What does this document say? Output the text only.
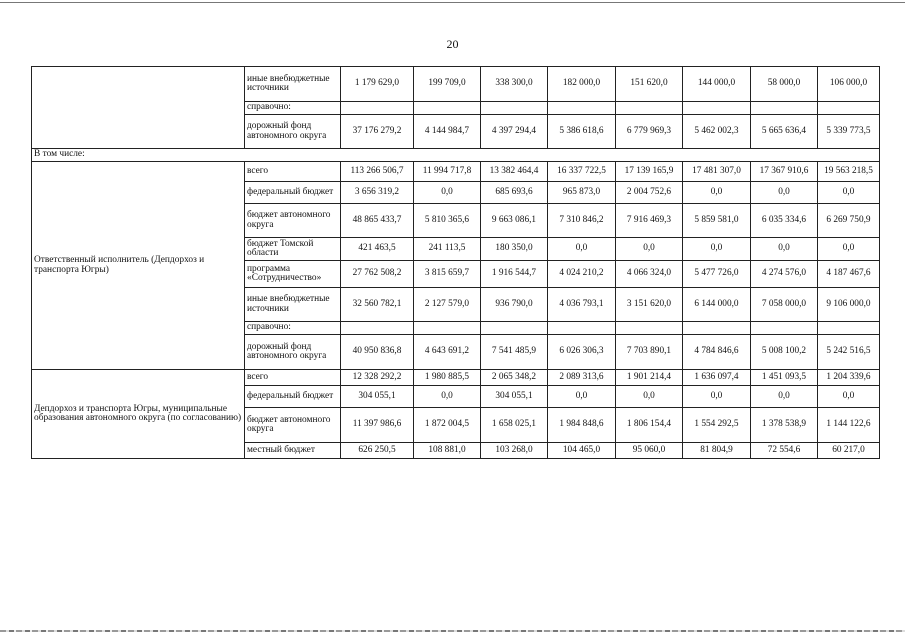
20
	иные внебюджетные источники	1 179 629,0	199 709,0	338 300,0	182 000,0	151 620,0	144 000,0	58 000,0	106 000,0
	справочно:								
	дорожный фонд автономного округа	37 176 279,2	4 144 984,7	4 397 294,4	5 386 618,6	6 779 969,3	5 462 002,3	5 665 636,4	5 339 773,5
В том числе:									
Ответственный исполнитель (Депдорхоз и транспорта Югры)	всего	113 266 506,7	11 994 717,8	13 382 464,4	16 337 722,5	17 139 165,9	17 481 307,0	17 367 910,6	19 563 218,5
	федеральный бюджет	3 656 319,2	0,0	685 693,6	965 873,0	2 004 752,6	0,0	0,0	0,0
	бюджет автономного округа	48 865 433,7	5 810 365,6	9 663 086,1	7 310 846,2	7 916 469,3	5 859 581,0	6 035 334,6	6 269 750,9
	бюджет Томской области	421 463,5	241 113,5	180 350,0	0,0	0,0	0,0	0,0	0,0
	программа «Сотрудничество»	27 762 508,2	3 815 659,7	1 916 544,7	4 024 210,2	4 066 324,0	5 477 726,0	4 274 576,0	4 187 467,6
	иные внебюджетные источники	32 560 782,1	2 127 579,0	936 790,0	4 036 793,1	3 151 620,0	6 144 000,0	7 058 000,0	9 106 000,0
	справочно:								
	дорожный фонд автономного округа	40 950 836,8	4 643 691,2	7 541 485,9	6 026 306,3	7 703 890,1	4 784 846,6	5 008 100,2	5 242 516,5
Депдорхоз и транспорта Югры, муниципальные образования автономного округа (по согласованию)	всего	12 328 292,2	1 980 885,5	2 065 348,2	2 089 313,6	1 901 214,4	1 636 097,4	1 451 093,5	1 204 339,6
	федеральный бюджет	304 055,1	0,0	304 055,1	0,0	0,0	0,0	0,0	0,0
	бюджет автономного округа	11 397 986,6	1 872 004,5	1 658 025,1	1 984 848,6	1 806 154,4	1 554 292,5	1 378 538,9	1 144 122,6
	местный бюджет	626 250,5	108 881,0	103 268,0	104 465,0	95 060,0	81 804,9	72 554,6	60 217,0
